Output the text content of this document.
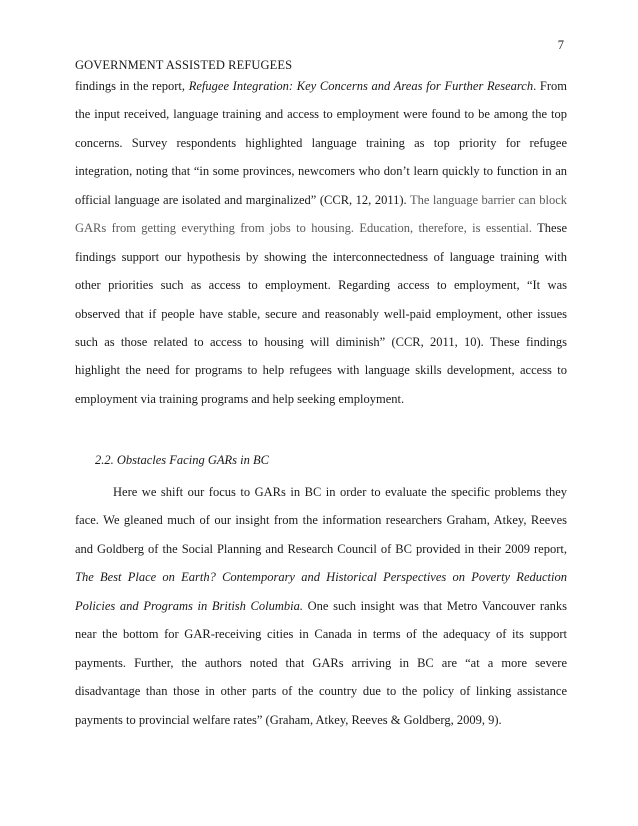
7
GOVERNMENT ASSISTED REFUGEES
findings in the report, Refugee Integration: Key Concerns and Areas for Further Research. From
the input received, language training and access to employment were found to be among the top
concerns. Survey respondents highlighted language training as top priority for refugee
integration, noting that “in some provinces, newcomers who don’t learn quickly to function in an
official language are isolated and marginalized” (CCR, 12, 2011). The language barrier can block
GARs from getting everything from jobs to housing. Education, therefore, is essential. These
findings support our hypothesis by showing the interconnectedness of language training with
other priorities such as access to employment. Regarding access to employment, “It was
observed that if people have stable, secure and reasonably well-paid employment, other issues
such as those related to access to housing will diminish” (CCR, 2011, 10). These findings
highlight the need for programs to help refugees with language skills development, access to
employment via training programs and help seeking employment.
2.2. Obstacles Facing GARs in BC
Here we shift our focus to GARs in BC in order to evaluate the specific problems they
face. We gleaned much of our insight from the information researchers Graham, Atkey, Reeves
and Goldberg of the Social Planning and Research Council of BC provided in their 2009 report,
The Best Place on Earth? Contemporary and Historical Perspectives on Poverty Reduction
Policies and Programs in British Columbia. One such insight was that Metro Vancouver ranks
near the bottom for GAR-receiving cities in Canada in terms of the adequacy of its support
payments. Further, the authors noted that GARs arriving in BC are “at a more severe
disadvantage than those in other parts of the country due to the policy of linking assistance
payments to provincial welfare rates” (Graham, Atkey, Reeves & Goldberg, 2009, 9).
